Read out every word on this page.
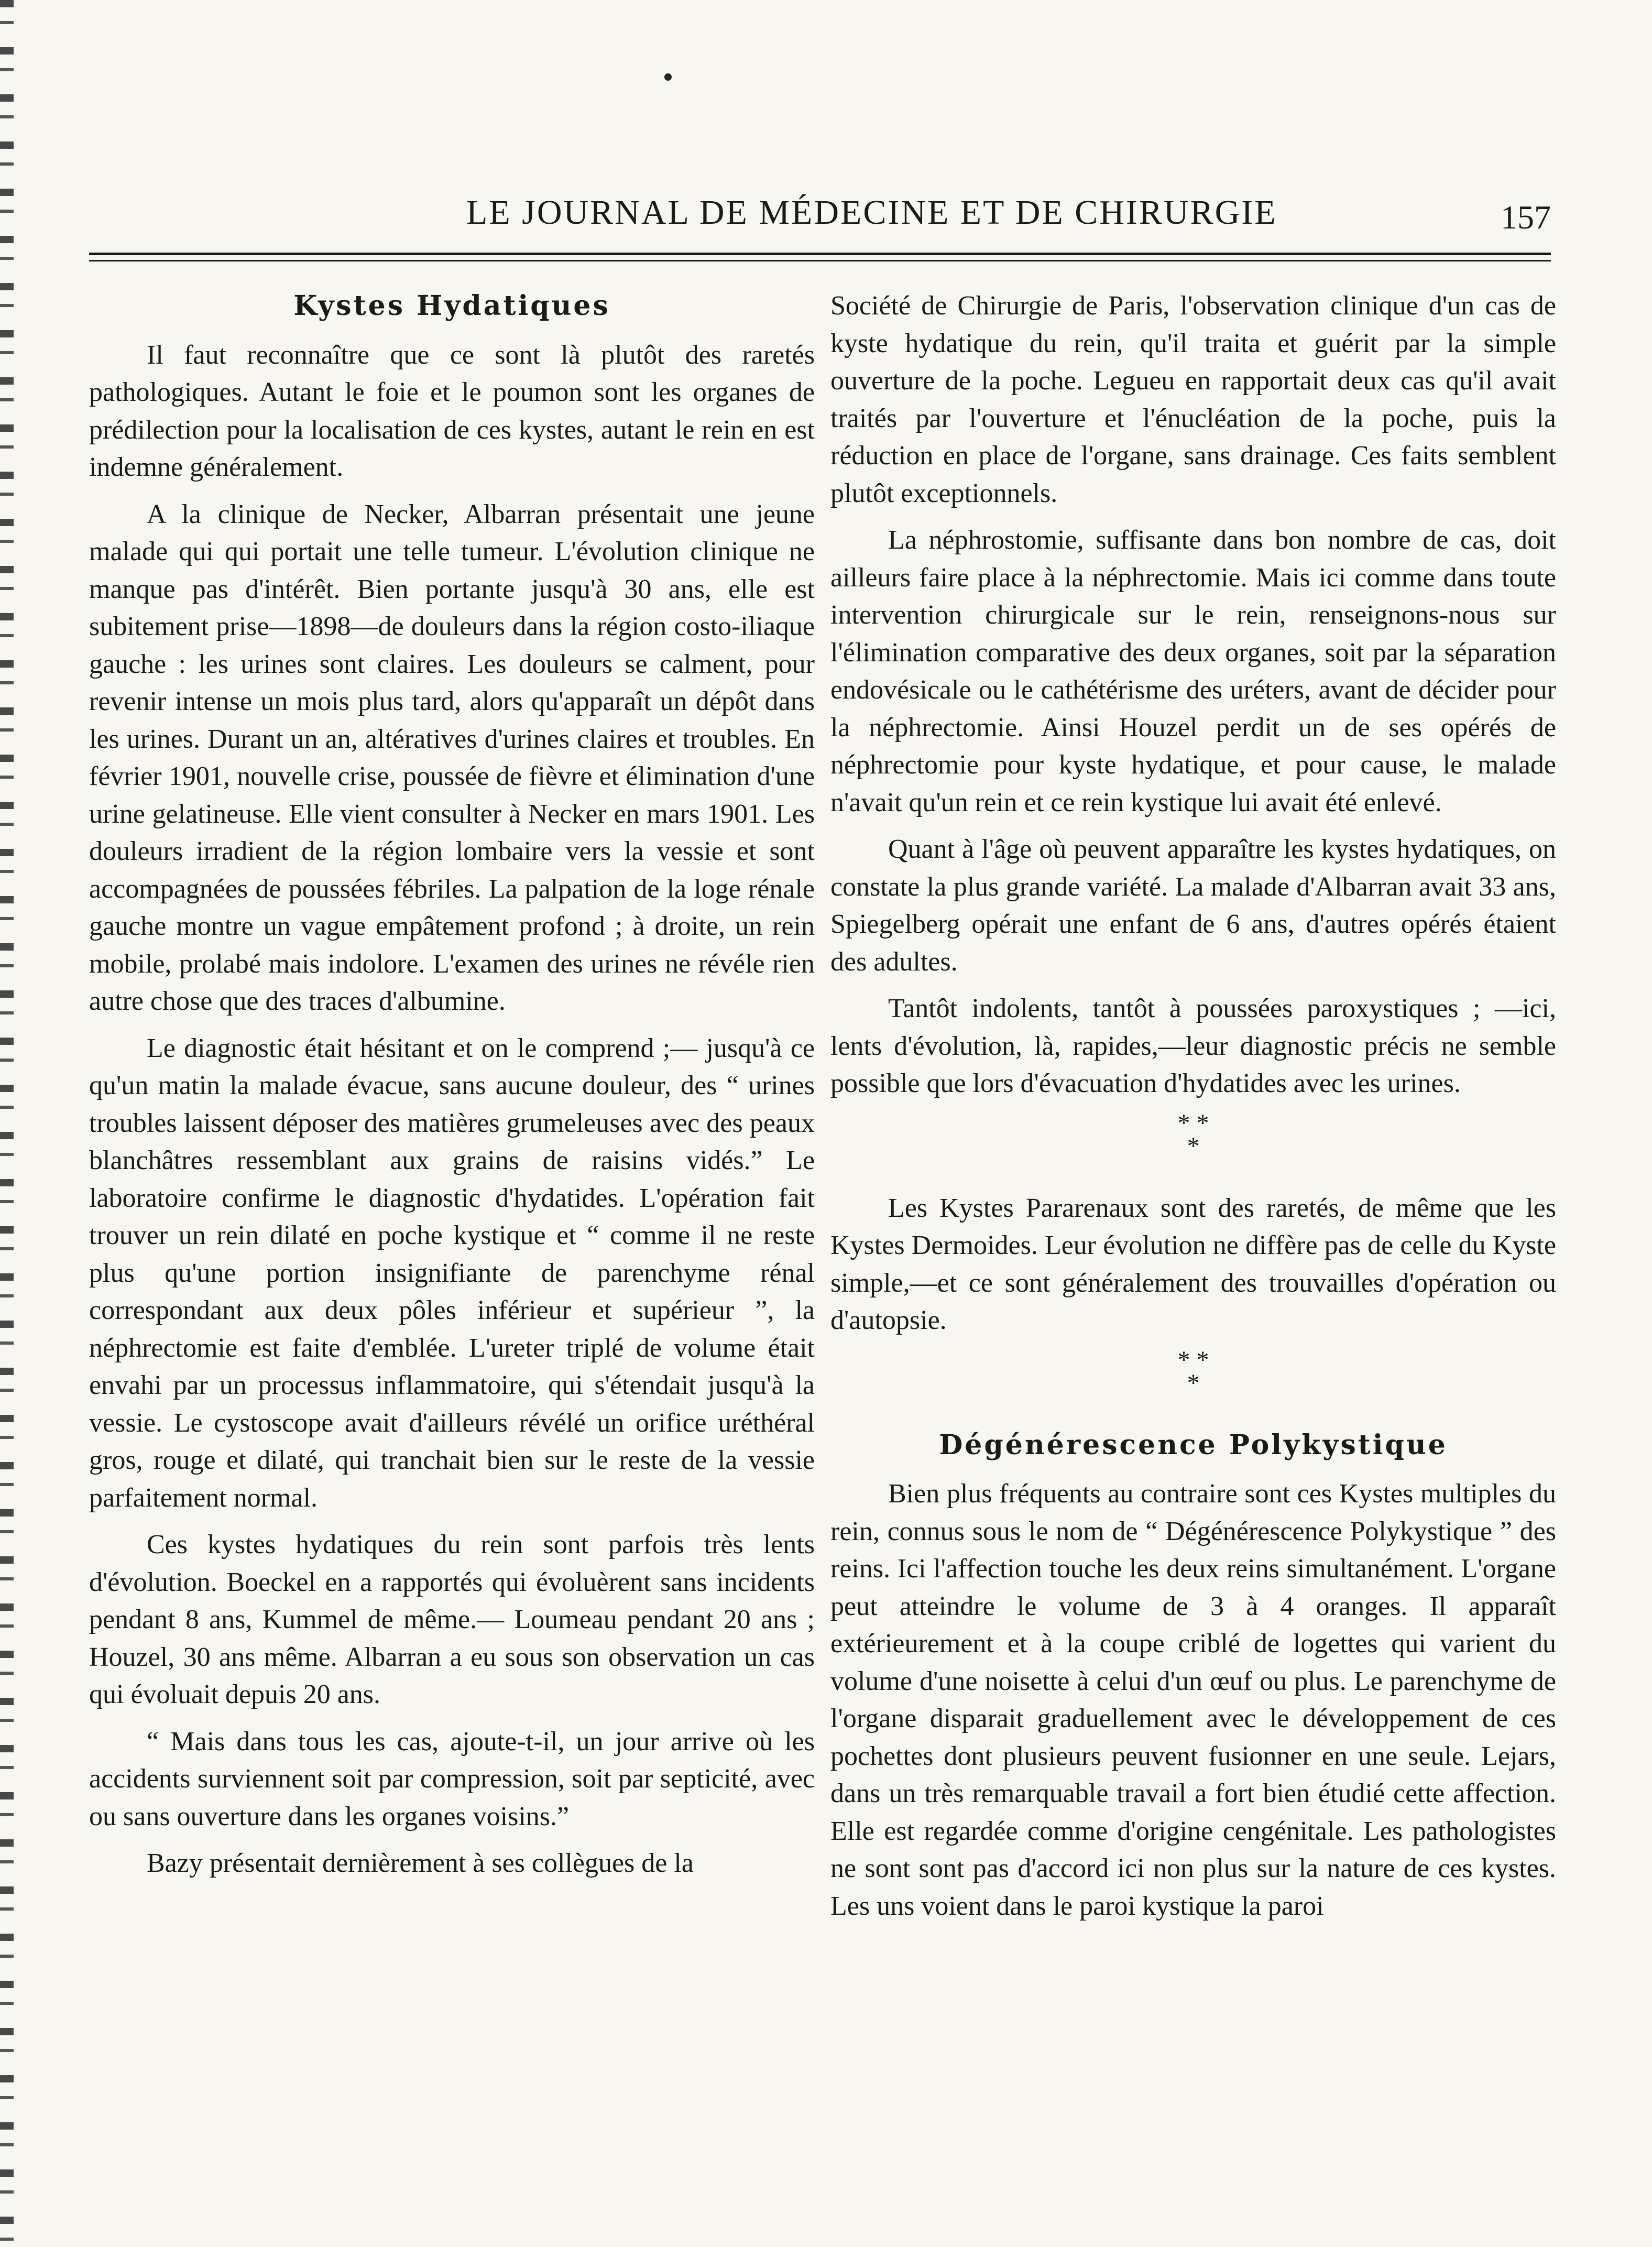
LE JOURNAL DE MÉDECINE ET DE CHIRURGIE	157
Kystes Hydatiques

Il faut reconnaître que ce sont là plutôt des raretés pathologiques. Autant le foie et le poumon sont les organes de prédilection pour la localisation de ces kystes, autant le rein en est indemne généralement.

A la clinique de Necker, Albarran présentait une jeune malade qui qui portait une telle tumeur. L'évolution clinique ne manque pas d'intérêt. Bien portante jusqu'à 30 ans, elle est subitement prise—1898—de douleurs dans la région costo-iliaque gauche : les urines sont claires. Les douleurs se calment, pour revenir intense un mois plus tard, alors qu'apparaît un dépôt dans les urines. Durant un an, altératives d'urines claires et troubles. En février 1901, nouvelle crise, poussée de fièvre et élimination d'une urine gelatineuse. Elle vient consulter à Necker en mars 1901. Les douleurs irradient de la région lombaire vers la vessie et sont accompagnées de poussées fébriles. La palpation de la loge rénale gauche montre un vague empâtement profond ; à droite, un rein mobile, prolabé mais indolore. L'examen des urines ne révéle rien autre chose que des traces d'albumine.

Le diagnostic était hésitant et on le comprend ;— jusqu'à ce qu'un matin la malade évacue, sans aucune douleur, des “ urines troubles laissent déposer des matières grumeleuses avec des peaux blanchâtres ressemblant aux grains de raisins vidés.” Le laboratoire confirme le diagnostic d'hydatides. L'opération fait trouver un rein dilaté en poche kystique et “ comme il ne reste plus qu'une portion insignifiante de parenchyme rénal correspondant aux deux pôles inférieur et supérieur ”, la néphrectomie est faite d'emblée. L'ureter triplé de volume était envahi par un processus inflammatoire, qui s'étendait jusqu'à la vessie. Le cystoscope avait d'ailleurs révélé un orifice uréthéral gros, rouge et dilaté, qui tranchait bien sur le reste de la vessie parfaitement normal.

Ces kystes hydatiques du rein sont parfois très lents d'évolution. Boeckel en a rapportés qui évoluèrent sans incidents pendant 8 ans, Kummel de même.— Loumeau pendant 20 ans ; Houzel, 30 ans même. Albarran a eu sous son observation un cas qui évoluait depuis 20 ans.

“ Mais dans tous les cas, ajoute-t-il, un jour arrive où les accidents surviennent soit par compression, soit par septicité, avec ou sans ouverture dans les organes voisins.”

Bazy présentait dernièrement à ses collègues de la

Société de Chirurgie de Paris, l'observation clinique d'un cas de kyste hydatique du rein, qu'il traita et guérit par la simple ouverture de la poche. Legueu en rapportait deux cas qu'il avait traités par l'ouverture et l'énucléation de la poche, puis la réduction en place de l'organe, sans drainage. Ces faits semblent plutôt exceptionnels.

La néphrostomie, suffisante dans bon nombre de cas, doit ailleurs faire place à la néphrectomie. Mais ici comme dans toute intervention chirurgicale sur le rein, renseignons-nous sur l'élimination comparative des deux organes, soit par la séparation endovésicale ou le cathétérisme des uréters, avant de décider pour la néphrectomie. Ainsi Houzel perdit un de ses opérés de néphrectomie pour kyste hydatique, et pour cause, le malade n'avait qu'un rein et ce rein kystique lui avait été enlevé.

Quant à l'âge où peuvent apparaître les kystes hydatiques, on constate la plus grande variété. La malade d'Albarran avait 33 ans, Spiegelberg opérait une enfant de 6 ans, d'autres opérés étaient des adultes.

Tantôt indolents, tantôt à poussées paroxystiques ; —ici, lents d'évolution, là, rapides,—leur diagnostic précis ne semble possible que lors d'évacuation d'hydatides avec les urines.

* *
*

Les Kystes Pararenaux sont des raretés, de même que les Kystes Dermoides. Leur évolution ne diffère pas de celle du Kyste simple,—et ce sont généralement des trouvailles d'opération ou d'autopsie.

* *
*
Dégénérescence Polykystique

Bien plus fréquents au contraire sont ces Kystes multiples du rein, connus sous le nom de “ Dégénérescence Polykystique ” des reins. Ici l'affection touche les deux reins simultanément. L'organe peut atteindre le volume de 3 à 4 oranges. Il apparaît extérieurement et à la coupe criblé de logettes qui varient du volume d'une noisette à celui d'un œuf ou plus. Le parenchyme de l'organe disparait graduellement avec le développement de ces pochettes dont plusieurs peuvent fusionner en une seule. Lejars, dans un très remarquable travail a fort bien étudié cette affection. Elle est regardée comme d'origine cengénitale. Les pathologistes ne sont sont pas d'accord ici non plus sur la nature de ces kystes. Les uns voient dans le paroi kystique la paroi
